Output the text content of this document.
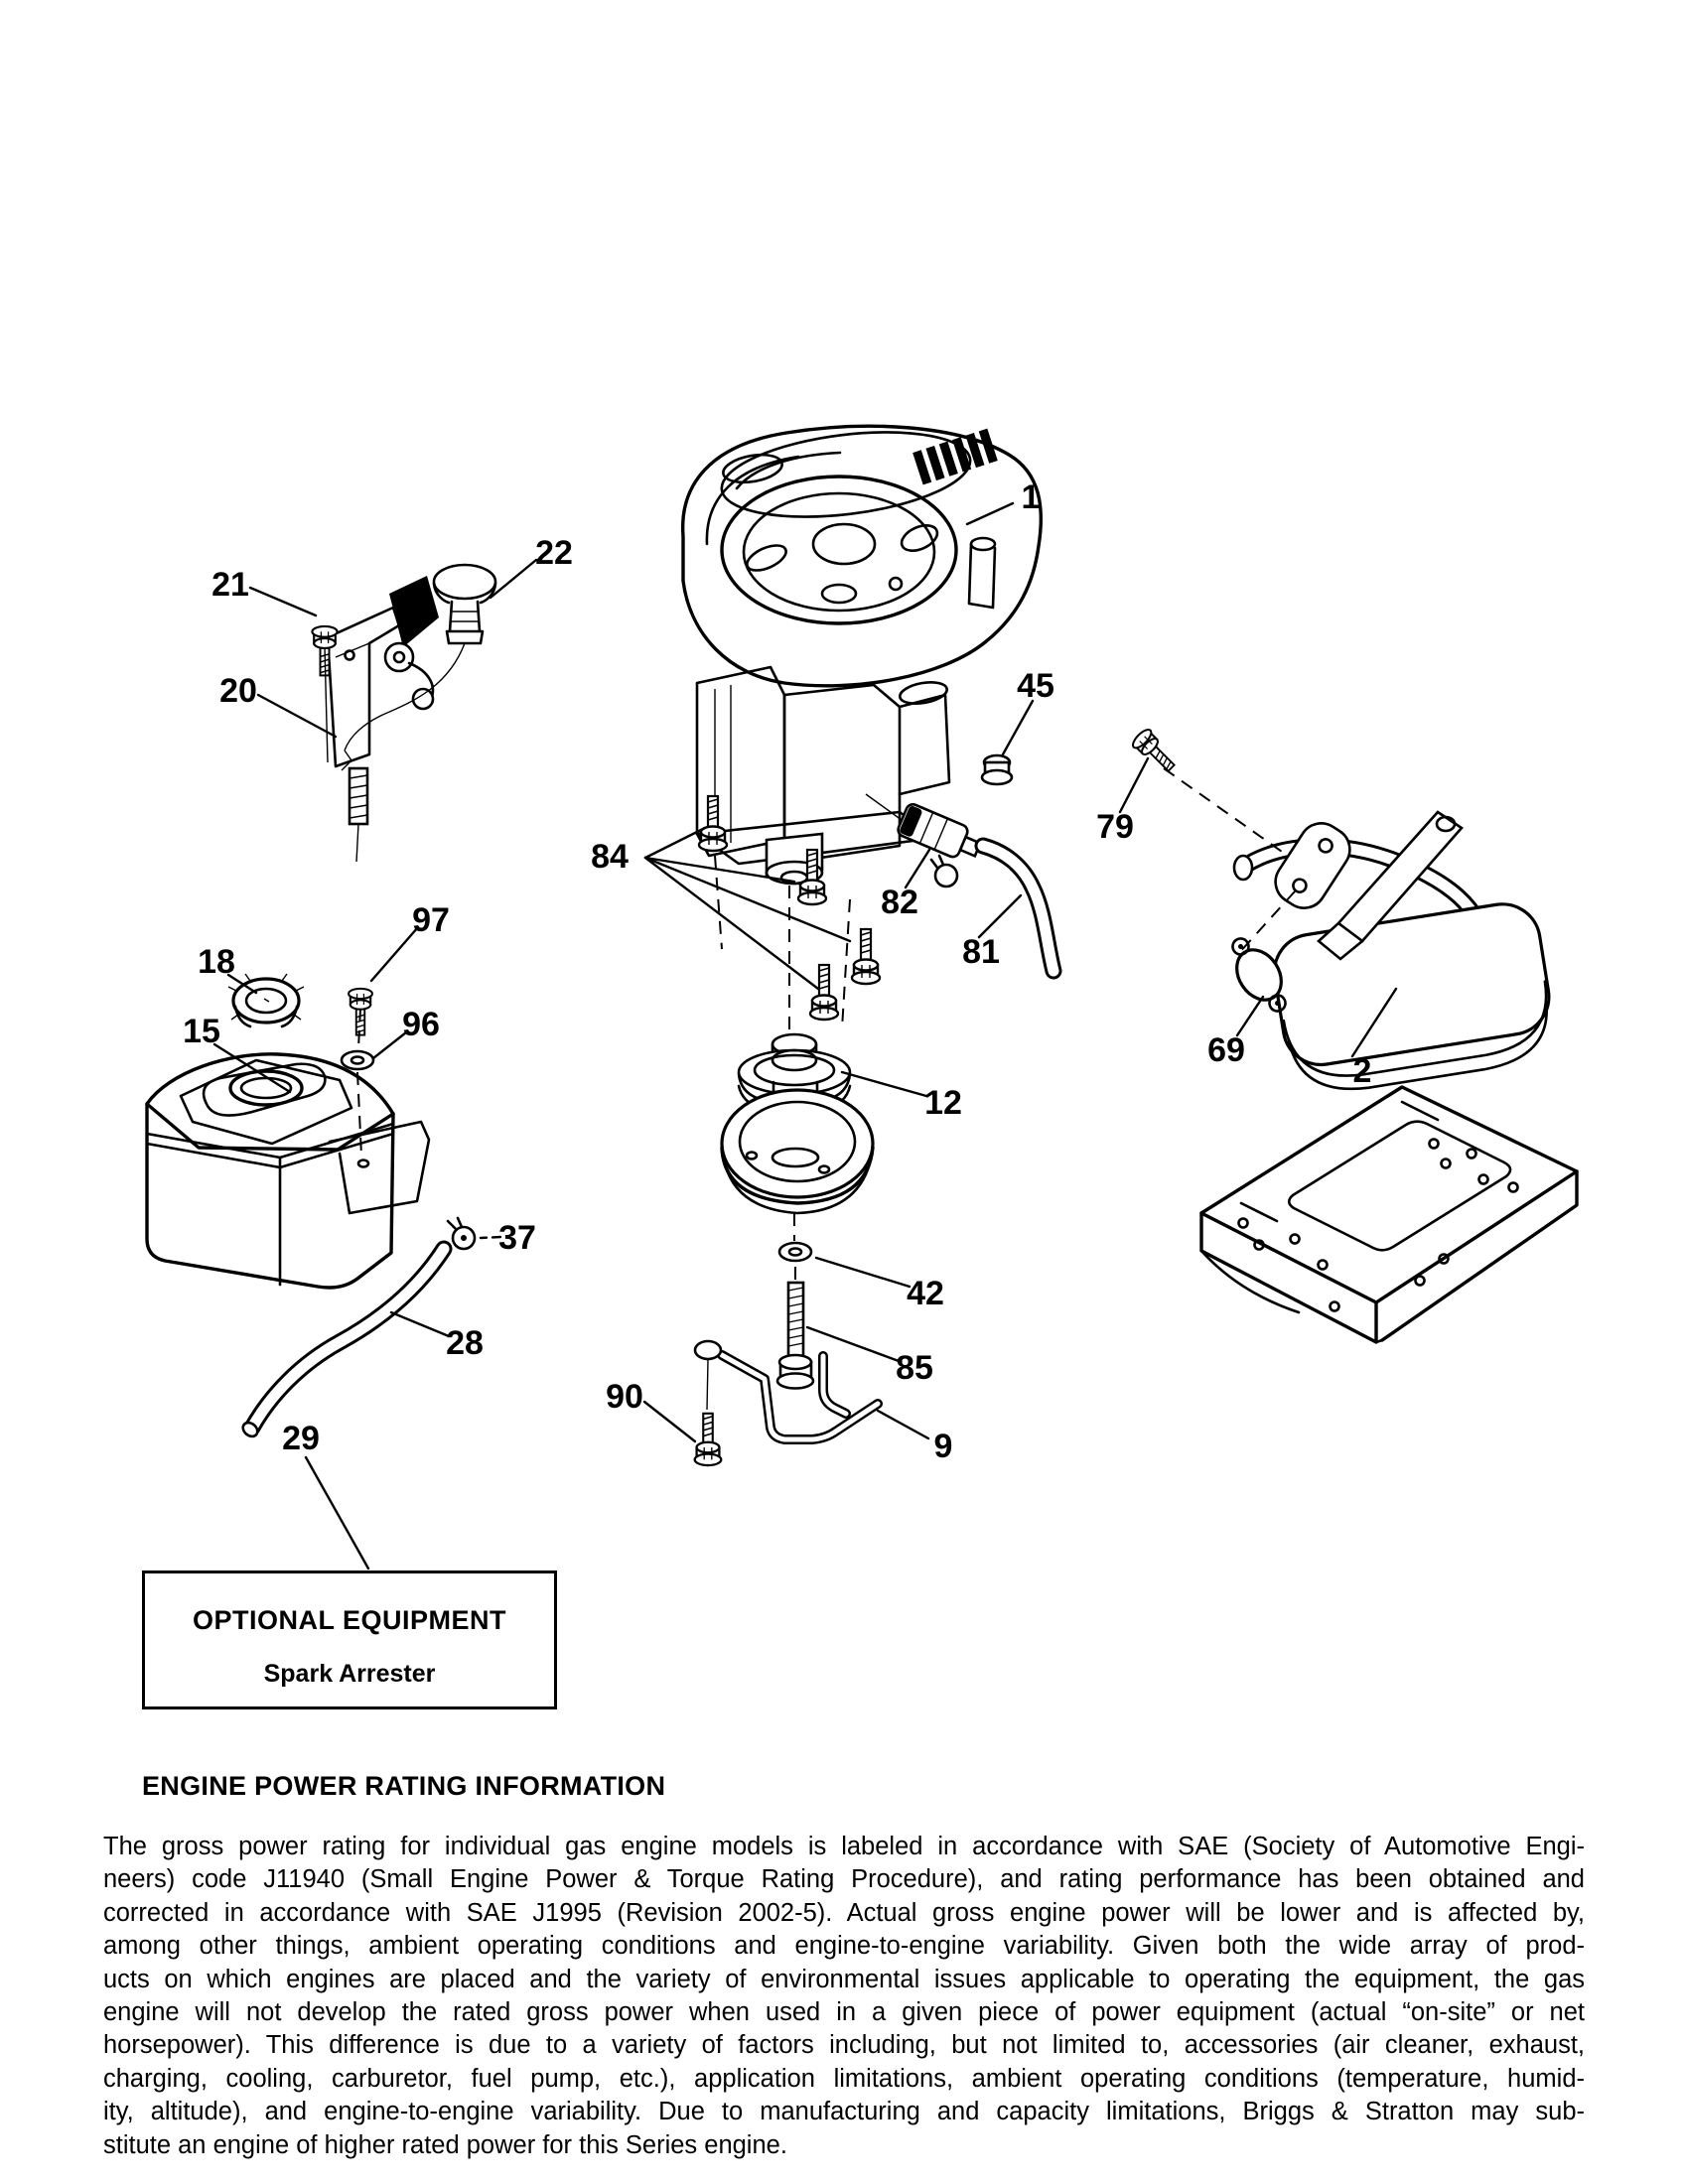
1
2
9
12
15
18
20
21
22
28
29
37
42
45
69
79
81
82
84
85
90
96
97
OPTIONAL EQUIPMENT
Spark Arrester
ENGINE POWER RATING INFORMATION
The gross power rating for individual gas engine models is labeled in accordance with SAE (Society of Automotive Engi-
neers) code J11940 (Small Engine Power & Torque Rating Procedure), and rating performance has been obtained and
corrected in accordance with SAE J1995 (Revision 2002-5). Actual gross engine power will be lower and is affected by,
among other things, ambient operating conditions and engine-to-engine variability. Given both the wide array of prod-
ucts on which engines are placed and the variety of environmental issues applicable to operating the equipment, the gas
engine will not develop the rated gross power when used in a given piece of power equipment (actual “on-site” or net
horsepower). This difference is due to a variety of factors including, but not limited to, accessories (air cleaner, exhaust,
charging, cooling, carburetor, fuel pump, etc.), application limitations, ambient operating conditions (temperature, humid-
ity, altitude), and engine-to-engine variability. Due to manufacturing and capacity limitations, Briggs & Stratton may sub-
stitute an engine of higher rated power for this Series engine.
